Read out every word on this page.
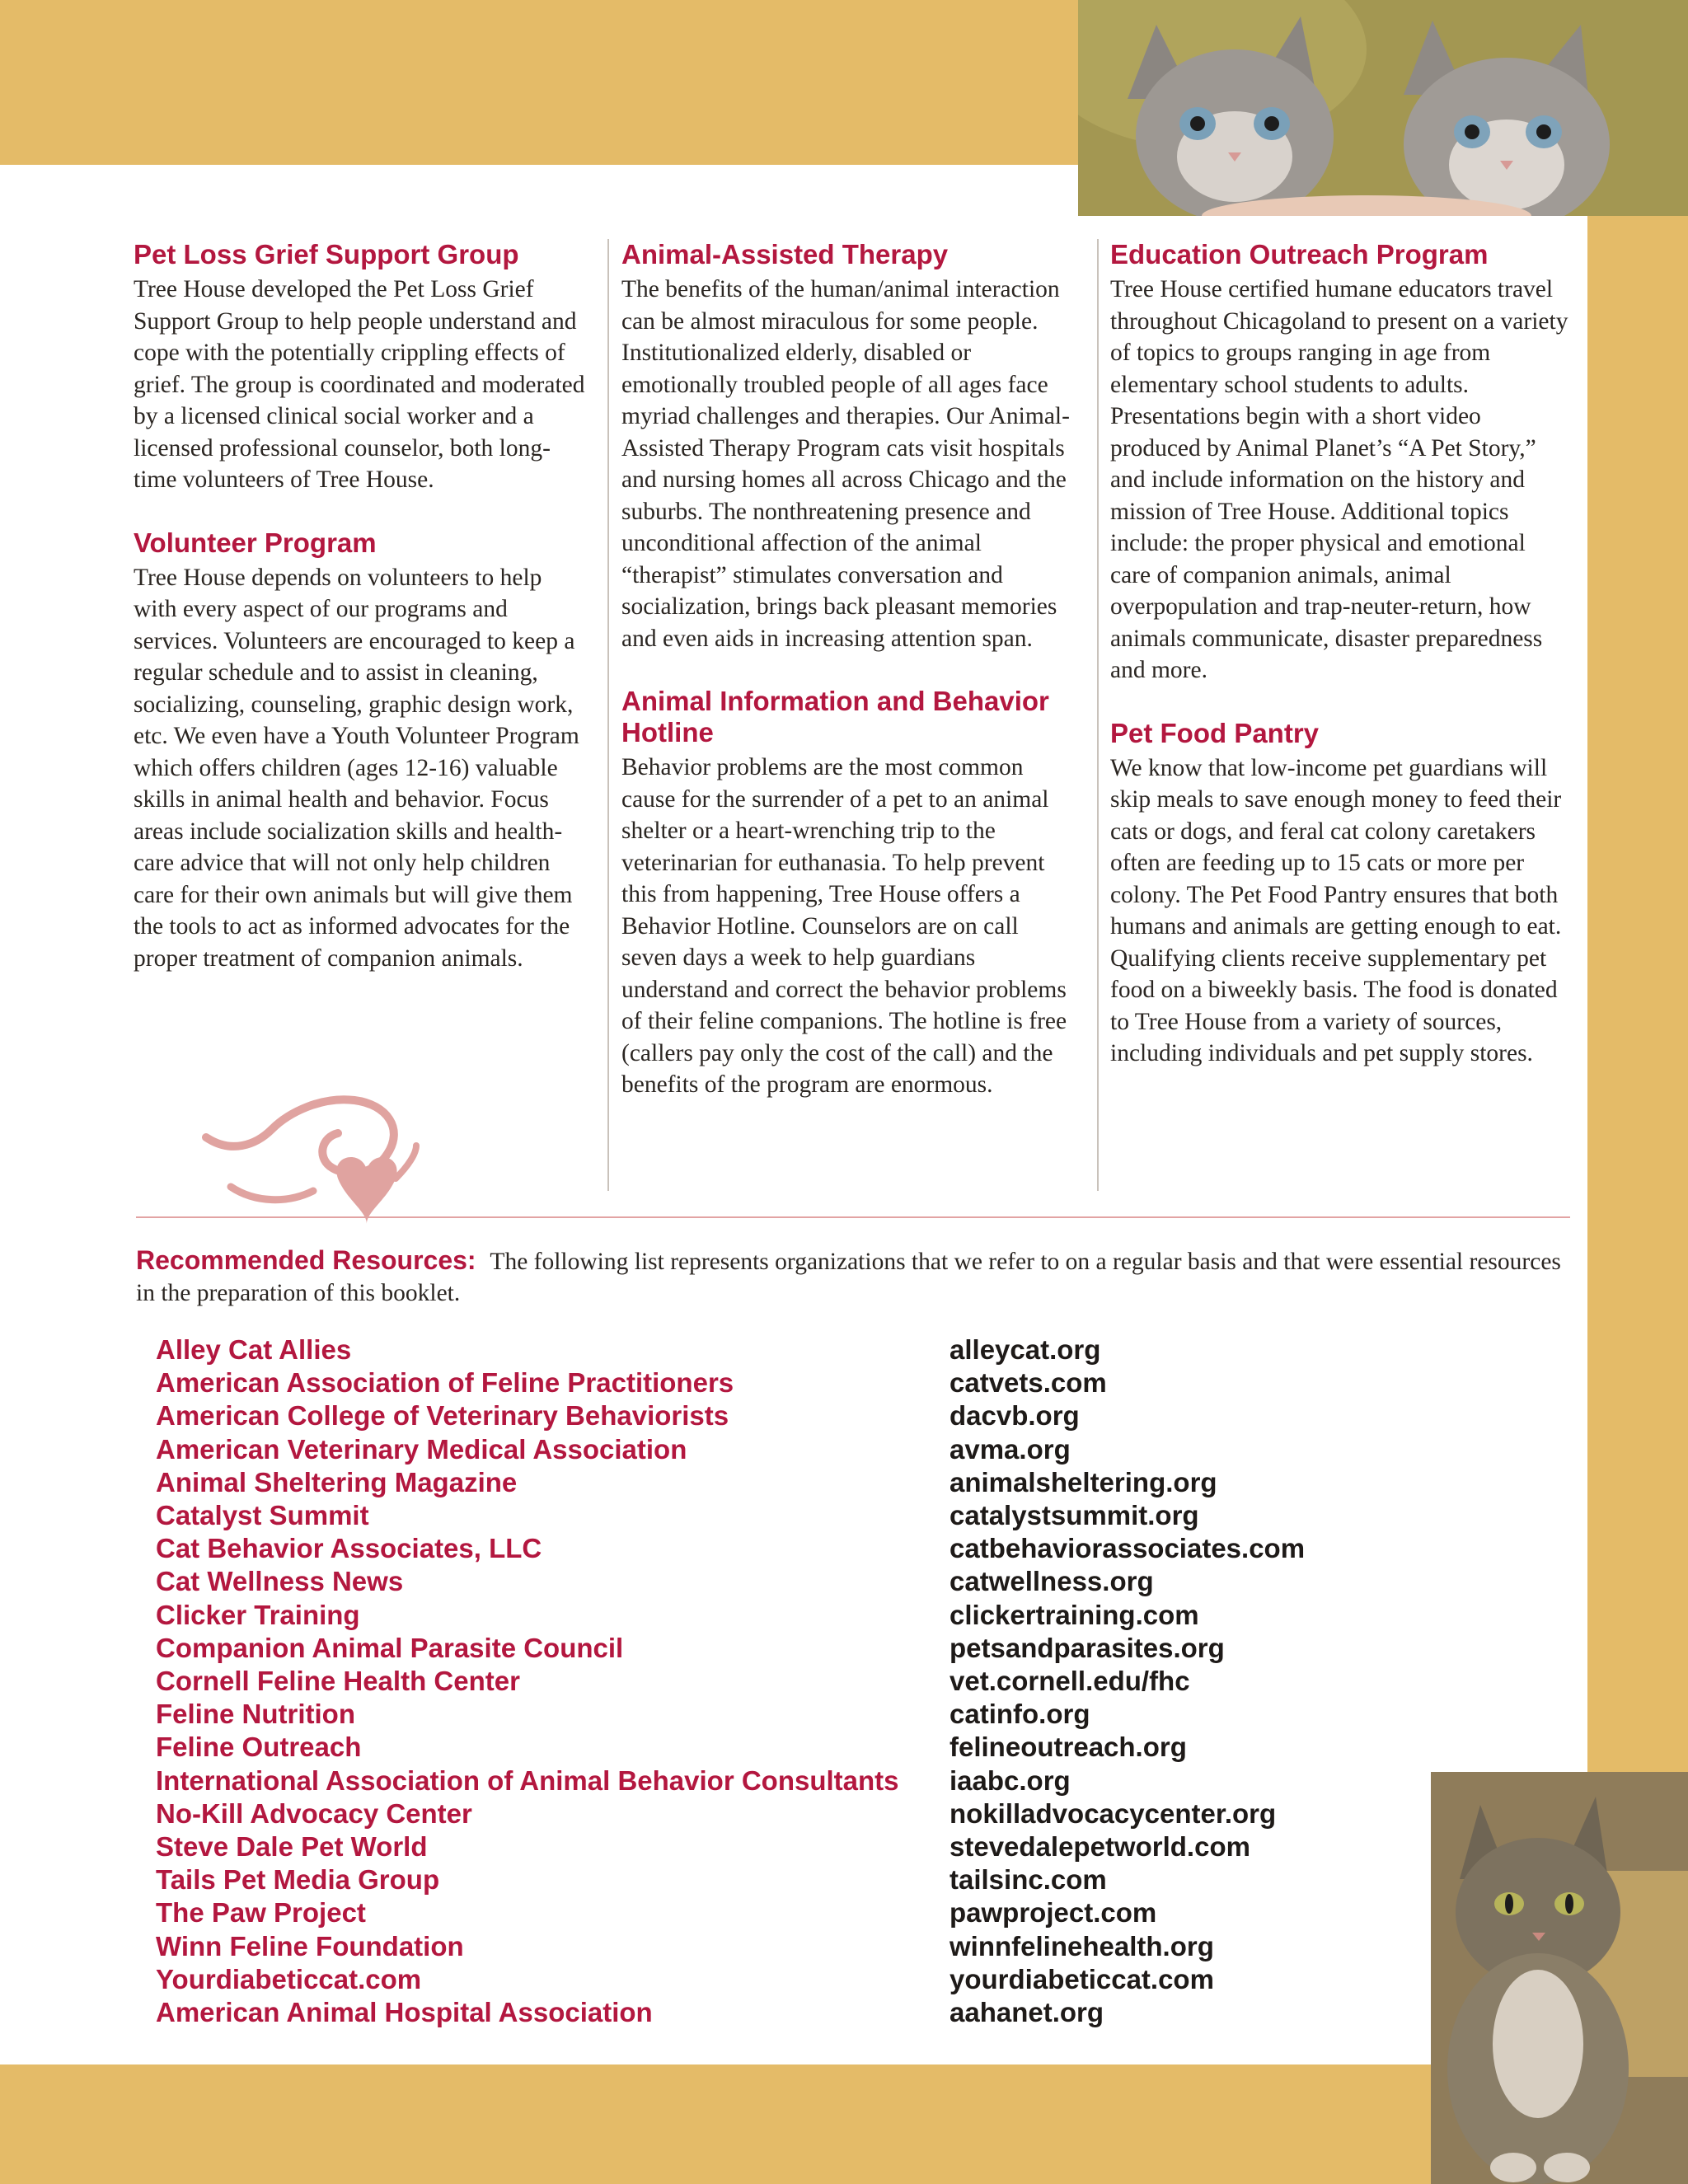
Pet Loss Grief Support Group

Tree House developed the Pet Loss Grief Support Group to help people understand and cope with the potentially crippling effects of grief. The group is coordinated and moderated by a licensed clinical social worker and a licensed professional counselor, both long-time volunteers of Tree House.

Volunteer Program

Tree House depends on volunteers to help with every aspect of our programs and services. Volunteers are encouraged to keep a regular schedule and to assist in cleaning, socializing, counseling, graphic design work, etc. We even have a Youth Volunteer Program which offers children (ages 12-16) valuable skills in animal health and behavior. Focus areas include socialization skills and health-care advice that will not only help children care for their own animals but will give them the tools to act as informed advocates for the proper treatment of companion animals.

Animal-Assisted Therapy

The benefits of the human/animal interaction can be almost miraculous for some people. Institutionalized elderly, disabled or emotionally troubled people of all ages face myriad challenges and therapies. Our Animal-Assisted Therapy Program cats visit hospitals and nursing homes all across Chicago and the suburbs. The nonthreatening presence and unconditional affection of the animal “therapist” stimulates conversation and socialization, brings back pleasant memories and even aids in increasing attention span.

Animal Information and Behavior Hotline

Behavior problems are the most common cause for the surrender of a pet to an animal shelter or a heart-wrenching trip to the veterinarian for euthanasia. To help prevent this from happening, Tree House offers a Behavior Hotline. Counselors are on call seven days a week to help guardians understand and correct the behavior problems of their feline companions. The hotline is free (callers pay only the cost of the call) and the benefits of the program are enormous.

Education Outreach Program

Tree House certified humane educators travel throughout Chicagoland to present on a variety of topics to groups ranging in age from elementary school students to adults. Presentations begin with a short video produced by Animal Planet’s “A Pet Story,” and include information on the history and mission of Tree House. Additional topics include: the proper physical and emotional care of companion animals, animal overpopulation and trap-neuter-return, how animals communicate, disaster preparedness and more.

Pet Food Pantry

We know that low-income pet guardians will skip meals to save enough money to feed their cats or dogs, and feral cat colony caretakers often are feeding up to 15 cats or more per colony. The Pet Food Pantry ensures that both humans and animals are getting enough to eat. Qualifying clients receive supplementary pet food on a biweekly basis. The food is donated to Tree House from a variety of sources, including individuals and pet supply stores.

Recommended Resources: The following list represents organizations that we refer to on a regular basis and that were essential resources in the preparation of this booklet.
Alley Cat Allies
American Association of Feline Practitioners
American College of Veterinary Behaviorists
American Veterinary Medical Association
Animal Sheltering Magazine
Catalyst Summit
Cat Behavior Associates, LLC
Cat Wellness News
Clicker Training
Companion Animal Parasite Council
Cornell Feline Health Center
Feline Nutrition
Feline Outreach
International Association of Animal Behavior Consultants
No-Kill Advocacy Center
Steve Dale Pet World
Tails Pet Media Group
The Paw Project
Winn Feline Foundation
Yourdiabeticcat.com
American Animal Hospital Association
alleycat.org
catvets.com
dacvb.org
avma.org
animalsheltering.org
catalystsummit.org
catbehaviorassociates.com
catwellness.org
clickertraining.com
petsandparasites.org
vet.cornell.edu/fhc
catinfo.org
felineoutreach.org
iaabc.org
nokilladvocacycenter.org
stevedalepetworld.com
tailsinc.com
pawproject.com
winnfelinehealth.org
yourdiabeticcat.com
aahanet.org
